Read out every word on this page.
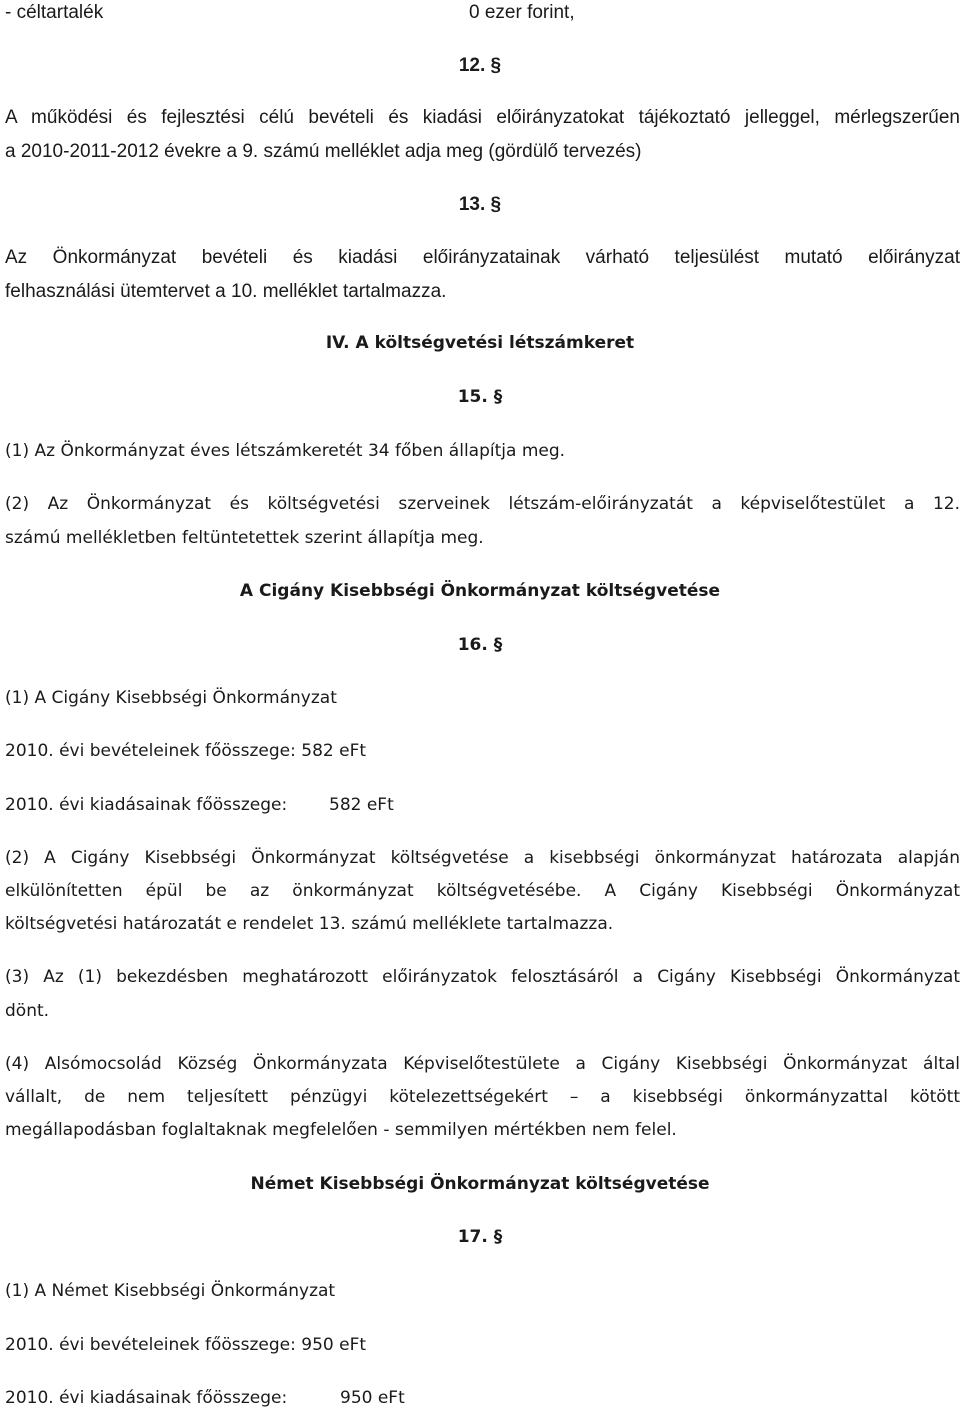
- céltartalék	0 ezer forint,

12. §

A működési és fejlesztési célú bevételi és kiadási előirányzatokat tájékoztató jelleggel, mérlegszerűen

a 2010-2011-2012 évekre a 9. számú melléklet adja meg (gördülő tervezés)

13. §

Az Önkormányzat bevételi és kiadási előirányzatainak várható teljesülést mutató előirányzat

felhasználási ütemtervet a 10. melléklet tartalmazza.

IV. A költségvetési létszámkeret

15. §

(1) Az Önkormányzat éves létszámkeretét 34 főben állapítja meg.

(2) Az Önkormányzat és költségvetési szerveinek létszám-előirányzatát a képviselőtestület a 12.

számú mellékletben feltüntetettek szerint állapítja meg.

A Cigány Kisebbségi Önkormányzat költségvetése

16. §

(1) A Cigány Kisebbségi Önkormányzat

2010. évi bevételeinek főösszege: 582 eFt

2010. évi kiadásainak főösszege: 582 eFt

(2) A Cigány Kisebbségi Önkormányzat költségvetése a kisebbségi önkormányzat határozata alapján

elkülönítetten épül be az önkormányzat költségvetésébe. A Cigány Kisebbségi Önkormányzat

költségvetési határozatát e rendelet 13. számú melléklete tartalmazza.

(3) Az (1) bekezdésben meghatározott előirányzatok felosztásáról a Cigány Kisebbségi Önkormányzat

dönt.

(4) Alsómocsolád Község Önkormányzata Képviselőtestülete a Cigány Kisebbségi Önkormányzat által

vállalt, de nem teljesített pénzügyi kötelezettségekért – a kisebbségi önkormányzattal kötött

megállapodásban foglaltaknak megfelelően - semmilyen mértékben nem felel.

Német Kisebbségi Önkormányzat költségvetése

17. §

(1) A Német Kisebbségi Önkormányzat

2010. évi bevételeinek főösszege: 950 eFt

2010. évi kiadásainak főösszege:	950 eFt
